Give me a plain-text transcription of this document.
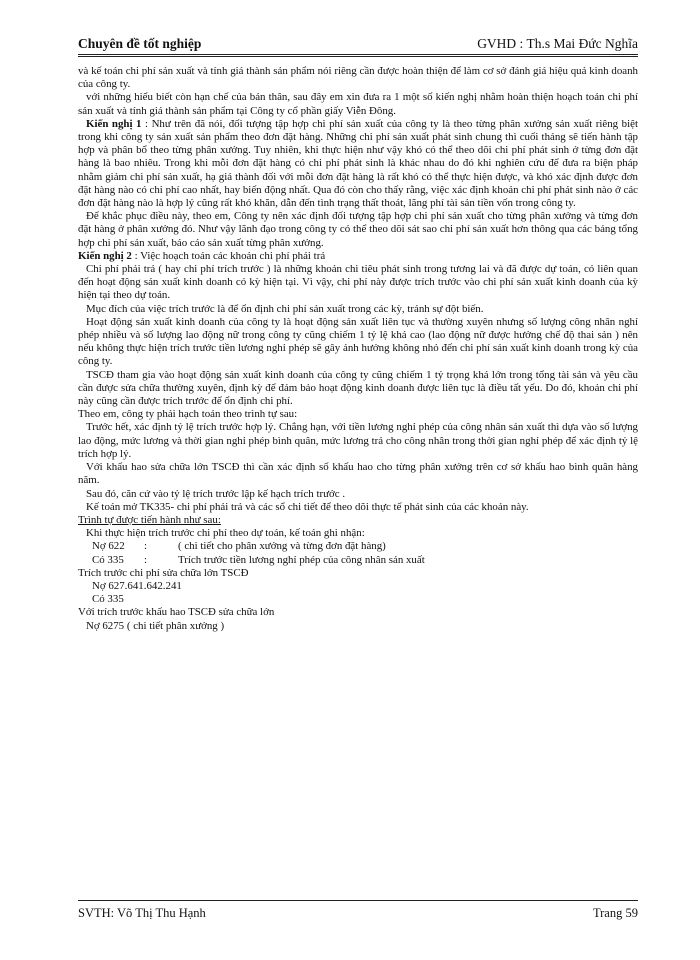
Chuyên đề tốt nghiệp	GVHD : Th.s Mai Đức Nghĩa

và kế toán chi phí sản xuất và tính giá thành sản phẩm nói riêng cần được hoàn thiện để làm cơ sở đánh giá hiệu quả kinh doanh của công ty.

với những hiểu biết còn hạn chế của bản thân, sau đây em xin đưa ra 1 một số kiến nghị nhằm hoàn thiện hoạch toán chi phí sản xuất và tính giá thành sản phẩm tại Công ty cổ phần giấy Viễn Đông.

Kiến nghị 1 : Như trên đã nói, đối tượng tập hợp chi phí sản xuất của công ty là theo từng phân xưởng sản xuất riêng biệt trong khi công ty sản xuất sản phẩm theo đơn đặt hàng. Những chi phí sản xuất phát sinh chung thì cuối tháng sẽ tiến hành tập hợp và phân bổ theo từng phân xưởng. Tuy nhiên, khi thực hiện như vậy khó có thể theo dõi chi phí phát sinh ở từng đơn đặt hàng là bao nhiêu. Trong khi mỗi đơn đặt hàng có chi phí phát sinh là khác nhau do đó khi nghiên cứu để đưa ra biện pháp nhằm giảm chi phí sản xuất, hạ giá thành đối với mỗi đơn đặt hàng là rất khó có thể thực hiện được, và khó xác định được đơn đặt hàng nào có chi phí cao nhất, hay biến động nhất. Qua đó còn cho thấy rằng, việc xác định khoản chi phí phát sinh nào ở các đơn đặt hàng nào là hợp lý cũng rất khó khăn, dẫn đến tình trạng thất thoát, lãng phí tài sản tiền vốn trong công ty.

Để khắc phục điều này, theo em, Công ty nên xác định đối tượng tập hợp chi phí sản xuất cho từng phân xưởng và từng đơn đặt hàng ở phân xưởng đó. Như vậy lãnh đạo trong công ty có thể theo dõi sát sao chi phí sản xuất hơn thông qua các bảng tổng hợp chi phí sản xuất, báo cáo sản xuất từng phân xưởng.

Kiến nghị 2 : Việc hoạch toán các khoản chi phí phải trả

Chi phí phải trả ( hay chi phí trích trước ) là những khoản chi tiêu phát sinh trong tương lai và đã được dự toán, có liên quan đến hoạt động sản xuất kinh doanh có kỳ hiện tại. Vì vậy, chi phí này được trích trước vào chi phí sản xuất kinh doanh của kỳ hiện tại theo dự toán.

Mục đích của việc trích trước là để ổn định chi phí sản xuất trong các kỳ, tránh sự đột biến.

Hoạt động sản xuất kinh doanh của công ty là hoạt động sản xuất liên tục và thường xuyên nhưng số lượng công nhân nghỉ phép nhiều và số lượng lao động nữ trong công ty cũng chiếm 1 tỷ lệ khá cao (lao động nữ được hưởng chế độ thai sản ) nên nếu không thực hiện trích trước tiền lương nghỉ phép sẽ gây ảnh hưởng không nhỏ đến chi phí sản xuất kinh doanh trong kỳ của công ty.

TSCĐ tham gia vào hoạt động sản xuất kinh doanh của công ty cũng chiếm 1 tỷ trọng khá lớn trong tổng tài sản và yêu cầu cần được sửa chữa thường xuyên, định kỳ để đảm bảo hoạt động kinh doanh được liên tục là điều tất yếu. Do đó, khoản chi phí này cũng cần được trích trước để ổn định chi phí.

Theo em, công ty phải hạch toán theo trình tự sau:

Trước hết, xác định tỷ lệ trích trước hợp lý. Chẳng hạn, với tiền lương nghỉ phép của công nhân sản xuất thì dựa vào số lượng lao động, mức lương và thời gian nghỉ phép bình quân, mức lương trả cho công nhân trong thời gian nghỉ phép để xác định tỷ lệ trích hợp lý.

Với khấu hao sửa chữa lớn TSCĐ thì cần xác định số khấu hao cho từng phân xưởng trên cơ sở khấu hao bình quân hàng năm.

Sau đó, căn cứ vào tỷ lệ trích trước lập kế hạch trích trước .

Kế toán mở TK335- chi phí phải trả và các sổ chi tiết để theo dõi thực tế phát sinh của các khoản này.

Trình tự được tiến hành như sau:

Khi thực hiện trích trước chi phí theo dự toán, kế toán ghi nhận:

Nợ 622	:	( chi tiết cho phân xưởng và từng đơn đặt hàng)
Có 335	:	Trích trước tiền lương nghỉ phép của công nhân sản xuất

Trích trước chi phí sửa chữa lớn TSCĐ

Nợ 627.641.642.241

Có 335

Với trích trước khấu hao TSCĐ sửa chữa lớn

Nợ 6275 ( chi tiết phân xưởng )

SVTH: Võ Thị Thu Hạnh	Trang 59
